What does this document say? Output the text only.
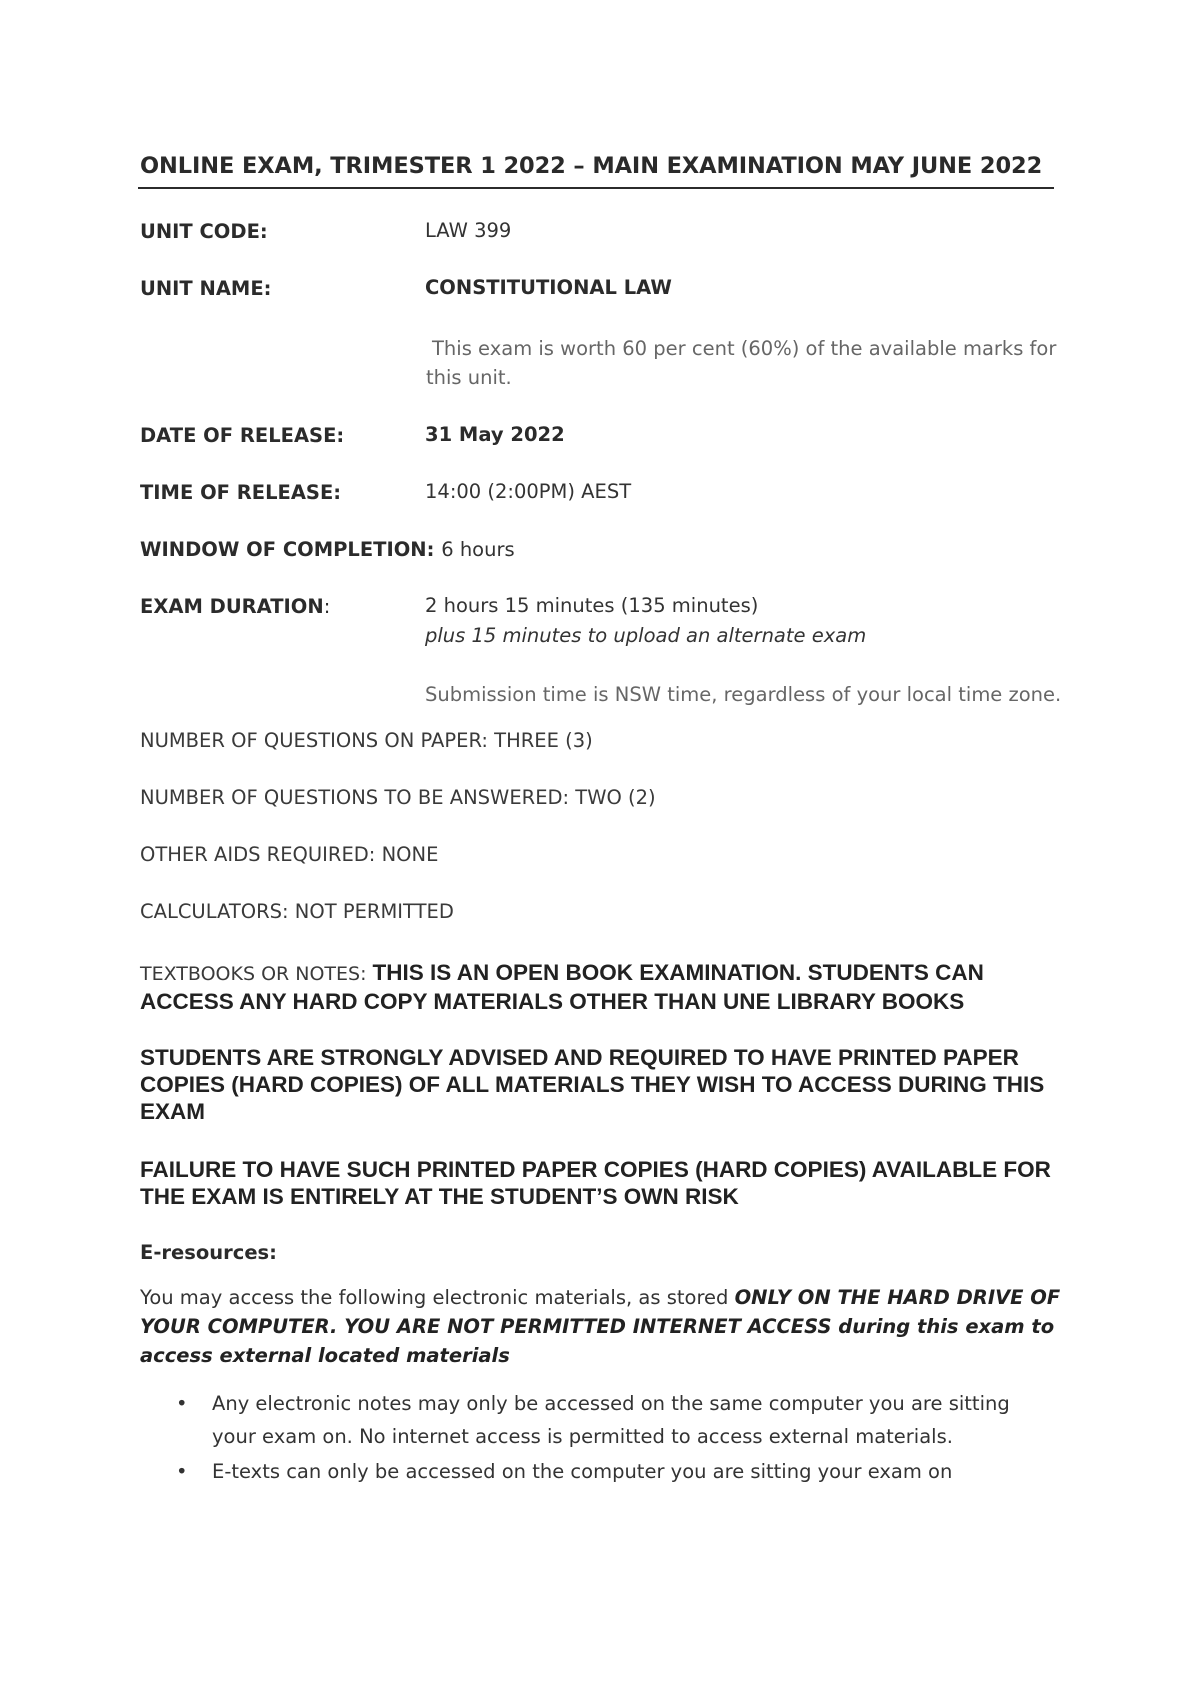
ONLINE EXAM, TRIMESTER 1 2022 – MAIN EXAMINATION MAY JUNE 2022
UNIT CODE:	LAW 399
UNIT NAME:	CONSTITUTIONAL LAW
This exam is worth 60 per cent (60%) of the available marks for this unit.
DATE OF RELEASE:	31 May 2022
TIME OF RELEASE:	14:00 (2:00PM) AEST
WINDOW OF COMPLETION: 6 hours
EXAM DURATION:	2 hours 15 minutes (135 minutes)
plus 15 minutes to upload an alternate exam
Submission time is NSW time, regardless of your local time zone.
NUMBER OF QUESTIONS ON PAPER: THREE (3)
NUMBER OF QUESTIONS TO BE ANSWERED: TWO (2)
OTHER AIDS REQUIRED: NONE
CALCULATORS: NOT PERMITTED
TEXTBOOKS OR NOTES: THIS IS AN OPEN BOOK EXAMINATION. STUDENTS CAN ACCESS ANY HARD COPY MATERIALS OTHER THAN UNE LIBRARY BOOKS
STUDENTS ARE STRONGLY ADVISED AND REQUIRED TO HAVE PRINTED PAPER COPIES (HARD COPIES) OF ALL MATERIALS THEY WISH TO ACCESS DURING THIS EXAM
FAILURE TO HAVE SUCH PRINTED PAPER COPIES (HARD COPIES) AVAILABLE FOR THE EXAM IS ENTIRELY AT THE STUDENT’S OWN RISK
E-resources:
You may access the following electronic materials, as stored ONLY ON THE HARD DRIVE OF YOUR COMPUTER. YOU ARE NOT PERMITTED INTERNET ACCESS during this exam to access external located materials
• Any electronic notes may only be accessed on the same computer you are sitting your exam on. No internet access is permitted to access external materials.
• E-texts can only be accessed on the computer you are sitting your exam on
